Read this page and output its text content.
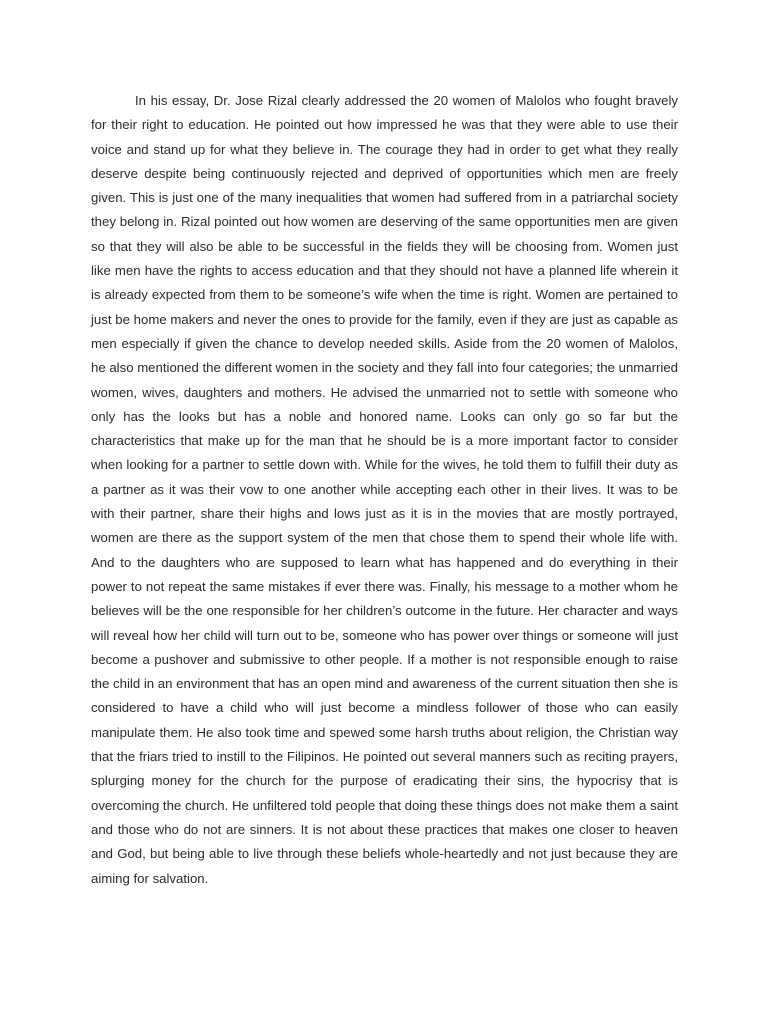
In his essay, Dr. Jose Rizal clearly addressed the 20 women of Malolos who fought bravely for their right to education. He pointed out how impressed he was that they were able to use their voice and stand up for what they believe in. The courage they had in order to get what they really deserve despite being continuously rejected and deprived of opportunities which men are freely given. This is just one of the many inequalities that women had suffered from in a patriarchal society they belong in. Rizal pointed out how women are deserving of the same opportunities men are given so that they will also be able to be successful in the fields they will be choosing from. Women just like men have the rights to access education and that they should not have a planned life wherein it is already expected from them to be someone’s wife when the time is right. Women are pertained to just be home makers and never the ones to provide for the family, even if they are just as capable as men especially if given the chance to develop needed skills. Aside from the 20 women of Malolos, he also mentioned the different women in the society and they fall into four categories; the unmarried women, wives, daughters and mothers. He advised the unmarried not to settle with someone who only has the looks but has a noble and honored name. Looks can only go so far but the characteristics that make up for the man that he should be is a more important factor to consider when looking for a partner to settle down with. While for the wives, he told them to fulfill their duty as a partner as it was their vow to one another while accepting each other in their lives. It was to be with their partner, share their highs and lows just as it is in the movies that are mostly portrayed, women are there as the support system of the men that chose them to spend their whole life with. And to the daughters who are supposed to learn what has happened and do everything in their power to not repeat the same mistakes if ever there was. Finally, his message to a mother whom he believes will be the one responsible for her children’s outcome in the future. Her character and ways will reveal how her child will turn out to be, someone who has power over things or someone will just become a pushover and submissive to other people. If a mother is not responsible enough to raise the child in an environment that has an open mind and awareness of the current situation then she is considered to have a child who will just become a mindless follower of those who can easily manipulate them. He also took time and spewed some harsh truths about religion, the Christian way that the friars tried to instill to the Filipinos. He pointed out several manners such as reciting prayers, splurging money for the church for the purpose of eradicating their sins, the hypocrisy that is overcoming the church. He unfiltered told people that doing these things does not make them a saint and those who do not are sinners. It is not about these practices that makes one closer to heaven and God, but being able to live through these beliefs whole-heartedly and not just because they are aiming for salvation.
